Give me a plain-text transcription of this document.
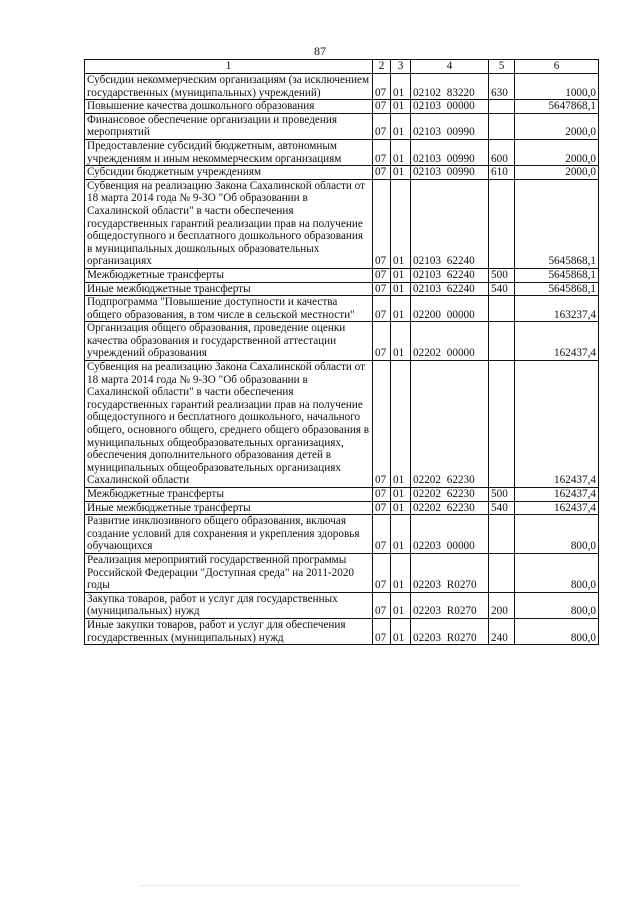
87
1	2	3	4	5	6
Субсидии некоммерческим организациям (за исключением государственных (муниципальных) учреждений)	07	01	02102 83220	630	1000,0
Повышение качества дошкольного образования	07	01	02103 00000		5647868,1
Финансовое обеспечение организации и проведения мероприятий	07	01	02103 00990		2000,0
Предоставление субсидий бюджетным, автономным учреждениям и иным некоммерческим организациям	07	01	02103 00990	600	2000,0
Субсидии бюджетным учреждениям	07	01	02103 00990	610	2000,0
Субвенция на реализацию Закона Сахалинской области от 18 марта 2014 года № 9-ЗО "Об образовании в Сахалинской области" в части обеспечения государственных гарантий реализации прав на получение общедоступного и бесплатного дошкольного образования в муниципальных дошкольных образовательных организациях	07	01	02103 62240		5645868,1
Межбюджетные трансферты	07	01	02103 62240	500	5645868,1
Иные межбюджетные трансферты	07	01	02103 62240	540	5645868,1
Подпрограмма "Повышение доступности и качества общего образования, в том числе в сельской местности"	07	01	02200 00000		163237,4
Организация общего образования, проведение оценки качества образования и государственной аттестации учреждений образования	07	01	02202 00000		162437,4
Субвенция на реализацию Закона Сахалинской области от 18 марта 2014 года № 9-ЗО "Об образовании в Сахалинской области" в части обеспечения государственных гарантий реализации прав на получение общедоступного и бесплатного дошкольного, начального общего, основного общего, среднего общего образования в муниципальных общеобразовательных организациях, обеспечения дополнительного образования детей в муниципальных общеобразовательных организациях Сахалинской области	07	01	02202 62230		162437,4
Межбюджетные трансферты	07	01	02202 62230	500	162437,4
Иные межбюджетные трансферты	07	01	02202 62230	540	162437,4
Развитие инклюзивного общего образования, включая создание условий для сохранения и укрепления здоровья обучающихся	07	01	02203 00000		800,0
Реализация мероприятий государственной программы Российской Федерации "Доступная среда" на 2011-2020 годы	07	01	02203 R0270		800,0
Закупка товаров, работ и услуг для государственных (муниципальных) нужд	07	01	02203 R0270	200	800,0
Иные закупки товаров, работ и услуг для обеспечения государственных (муниципальных) нужд	07	01	02203 R0270	240	800,0
